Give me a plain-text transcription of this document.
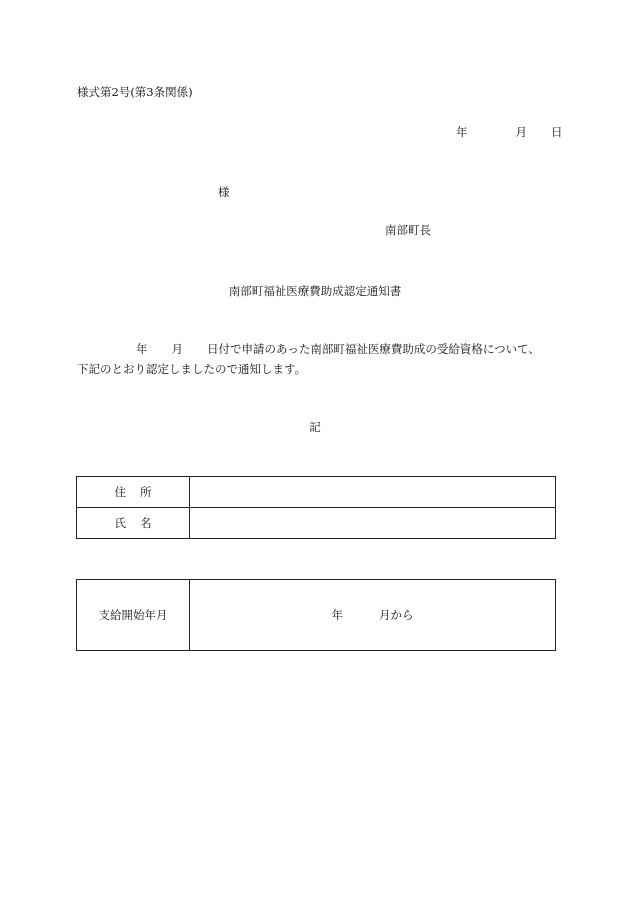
様式第2号(第3条関係)
年	月 日
様
南部町長
南部町福祉医療費助成認定通知書
年 月 日付で申請のあった南部町福祉医療費助成の受給資格について、
下記のとおり認定しましたので通知します。
記
住 所	
氏 名	
支給開始年月	年	月から
